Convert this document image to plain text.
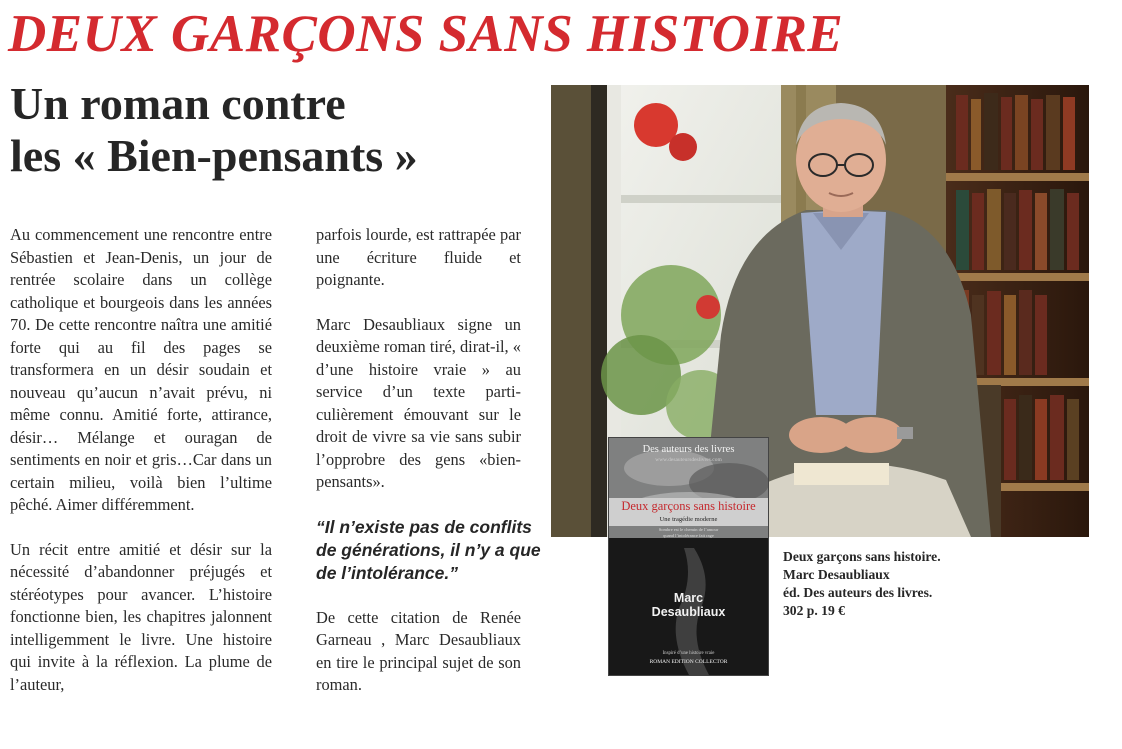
DEUX GARÇONS SANS HISTOIRE
Un roman contre
les « Bien-pensants »

Au commencement une rencontre entre Sébastien et Jean-Denis, un jour de rentrée scolaire dans un collège catholique et bourgeois dans les années 70. De cette rencontre naîtra une amitié forte qui au fil des pages se transformera en un désir soudain et nouveau qu’aucun n’avait prévu, ni même connu. Amitié forte, attirance, désir… Mélange et ouragan de sentiments en noir et gris…Car dans un certain milieu, voilà bien l’ultime pêché. Aimer différemment.

Un récit entre amitié et désir sur la nécessité d’abandonner préjugés et stéréotypes pour avancer. L’histoire fonctionne bien, les chapitres jalonnent intelligemment le livre. Une histoire qui invite à la réflexion. La plume de l’auteur,

parfois lourde, est rattrapée par une écriture fluide et poignante.

Marc Desaubliaux signe un deuxième roman tiré, dirat-il, « d’une histoire vraie » au service d’un texte particulièrement émouvant sur le droit de vivre sa vie sans subir l’opprobre des gens «bien-pensants».

“Il n’existe pas de conflits de générations, il n’y a que de l’intolérance.”

De cette citation de Renée Garneau , Marc Desaubliaux en tire le principal sujet de son roman.

Des auteurs des livres
www.desauteursdeslivres.com
Deux garçons sans histoire
Une tragédie moderne
Sombre est le chemin de l’amour
quand l’intolérance fait rage
Marc
Desaubliaux
Inspiré d’une histoire vraie
ROMAN EDITION COLLECTOR
Deux garçons sans histoire.
Marc Desaubliaux
éd. Des auteurs des livres.
302 p. 19 €
